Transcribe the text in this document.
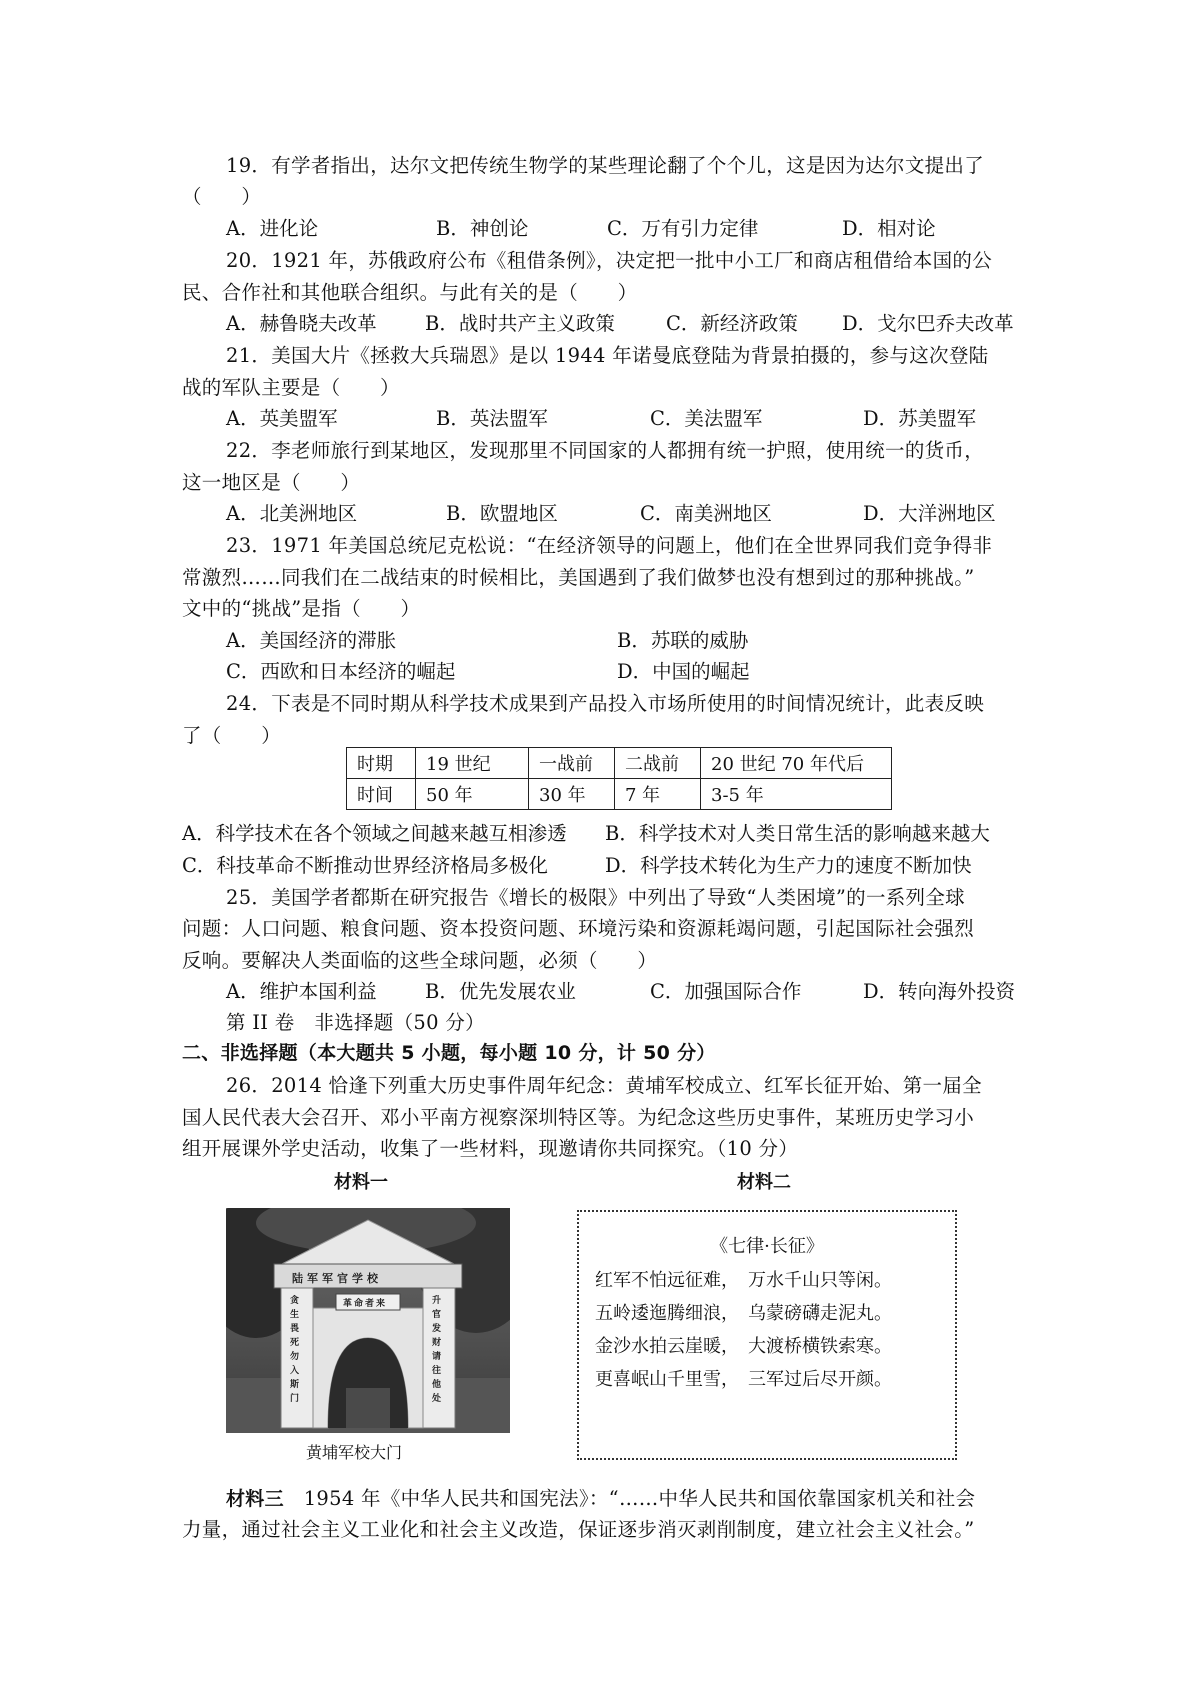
19．有学者指出，达尔文把传统生物学的某些理论翻了个个儿，这是因为达尔文提出了
（　　）
A．进化论	B．神创论	C．万有引力定律	D．相对论
20．1921 年，苏俄政府公布《租借条例》，决定把一批中小工厂和商店租借给本国的公
民、合作社和其他联合组织。与此有关的是（　　）
A．赫鲁晓夫改革 B．战时共产主义政策	C．新经济政策 D．戈尔巴乔夫改革
21．美国大片《拯救大兵瑞恩》是以 1944 年诺曼底登陆为背景拍摄的，参与这次登陆
战的军队主要是（　　）
A．英美盟军	B．英法盟军	C．美法盟军	D．苏美盟军
22．李老师旅行到某地区，发现那里不同国家的人都拥有统一护照，使用统一的货币，
这一地区是（　　）
A．北美洲地区	B．欧盟地区	C．南美洲地区	D．大洋洲地区
23．1971 年美国总统尼克松说：“在经济领导的问题上，他们在全世界同我们竞争得非
常激烈……同我们在二战结束的时候相比，美国遇到了我们做梦也没有想到过的那种挑战。”
文中的“挑战”是指（　　）
A．美国经济的滞胀	B．苏联的威胁
C．西欧和日本经济的崛起	D．中国的崛起
24．下表是不同时期从科学技术成果到产品投入市场所使用的时间情况统计，此表反映
了（　　）
时期	19 世纪	一战前	二战前	20 世纪 70 年代后
时间	50 年	30 年	7 年	3-5 年
A．科学技术在各个领域之间越来越互相渗透 B．科学技术对人类日常生活的影响越来越大
C．科技革命不断推动世界经济格局多极化	D．科学技术转化为生产力的速度不断加快
25．美国学者都斯在研究报告《增长的极限》中列出了导致“人类困境”的一系列全球
问题：人口问题、粮食问题、资本投资问题、环境污染和资源耗竭问题，引起国际社会强烈
反响。要解决人类面临的这些全球问题，必须（　　）
A．维护本国利益 B．优先发展农业	C．加强国际合作	D．转向海外投资
第 II 卷　非选择题（50 分）
二、非选择题（本大题共 5 小题，每小题 10 分，计 50 分）
26．2014 恰逢下列重大历史事件周年纪念：黄埔军校成立、红军长征开始、第一届全
国人民代表大会召开、邓小平南方视察深圳特区等。为纪念这些历史事件，某班历史学习小
组开展课外学史活动，收集了一些材料，现邀请你共同探究。（10 分）
材料一	材料二
陆军军官学校
革命者来
贪生畏死勿入斯门
升官发财请往他处
黄埔军校大门
《七律·长征》
红军不怕远征难，　万水千山只等闲。
五岭逶迤腾细浪，　乌蒙磅礴走泥丸。
金沙水拍云崖暖，　大渡桥横铁索寒。
更喜岷山千里雪，　三军过后尽开颜。
材料三　1954 年《中华人民共和国宪法》：“……中华人民共和国依靠国家机关和社会
力量，通过社会主义工业化和社会主义改造，保证逐步消灭剥削制度，建立社会主义社会。”
